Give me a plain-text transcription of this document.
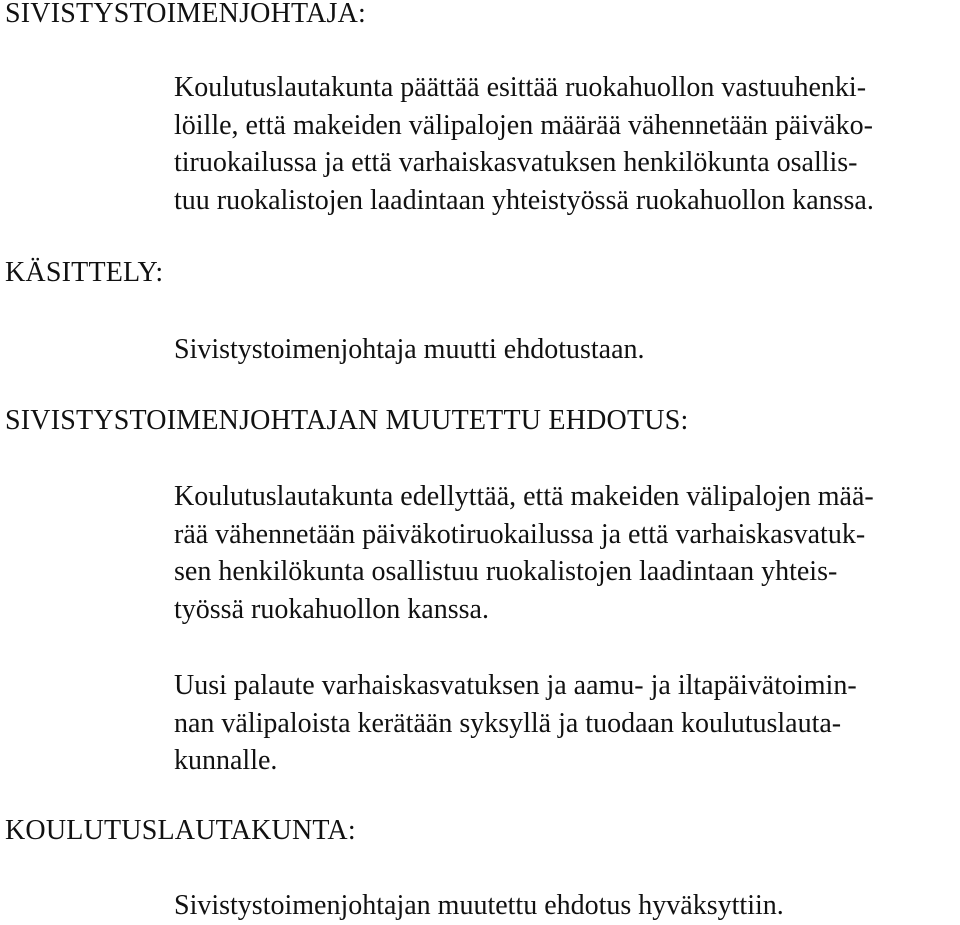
SIVISTYSTOIMENJOHTAJA:
Koulutuslautakunta päättää esittää ruokahuollon vastuuhenki-
löille, että makeiden välipalojen määrää vähennetään päiväko-
tiruokailussa ja että varhaiskasvatuksen henkilökunta osallis-
tuu ruokalistojen laadintaan yhteistyössä ruokahuollon kanssa.
KÄSITTELY:
Sivistystoimenjohtaja muutti ehdotustaan.
SIVISTYSTOIMENJOHTAJAN MUUTETTU EHDOTUS:
Koulutuslautakunta edellyttää, että makeiden välipalojen mää-
rää vähennetään päiväkotiruokailussa ja että varhaiskasvatuk-
sen henkilökunta osallistuu ruokalistojen laadintaan yhteis-
työssä ruokahuollon kanssa.
Uusi palaute varhaiskasvatuksen ja aamu- ja iltapäivätoimin-
nan välipaloista kerätään syksyllä ja tuodaan koulutuslauta-
kunnalle.
KOULUTUSLAUTAKUNTA:
Sivistystoimenjohtajan muutettu ehdotus hyväksyttiin.
